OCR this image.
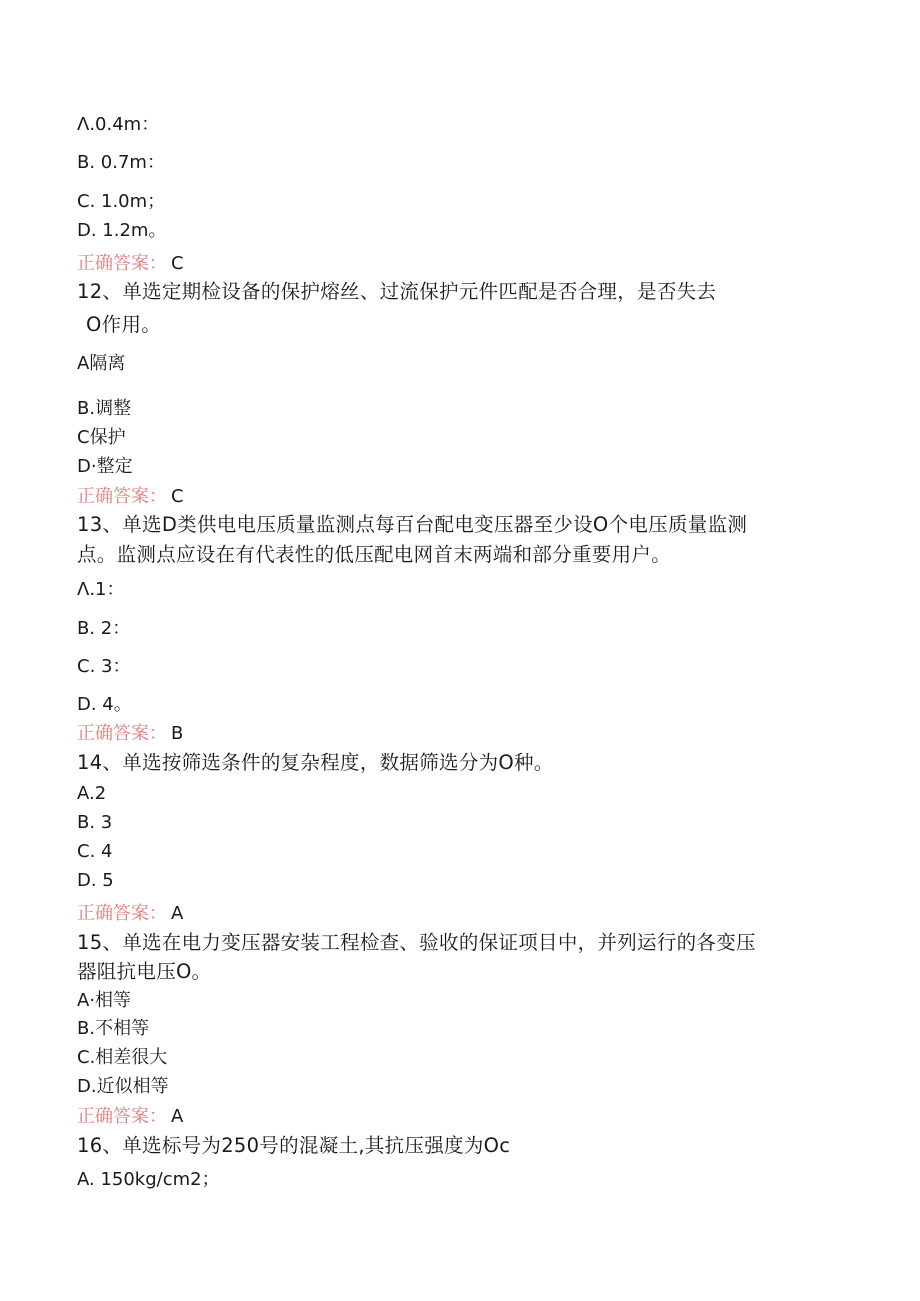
Λ.0.4m：
B. 0.7m：
C. 1.0m；
D. 1.2m。
正确答案： C
12、单选定期检设备的保护熔丝、过流保护元件匹配是否合理，是否失去
O作用。
A隔离
B.调整
C保护
D·整定
正确答案： C
13、单选D类供电电压质量监测点每百台配电变压器至少设O个电压质量监测
点。监测点应设在有代表性的低压配电网首末两端和部分重要用户。
Λ.1：
B. 2：
C. 3：
D. 4。
正确答案： B
14、单选按筛选条件的复杂程度，数据筛选分为O种。
A.2
B. 3
C. 4
D. 5
正确答案： A
15、单选在电力变压器安装工程检查、验收的保证项目中，并列运行的各变压
器阻抗电压O。
A·相等
B.不相等
C.相差很大
D.近似相等
正确答案： A
16、单选标号为250号的混凝土,其抗压强度为Oc
A. 150kg/cm2；
